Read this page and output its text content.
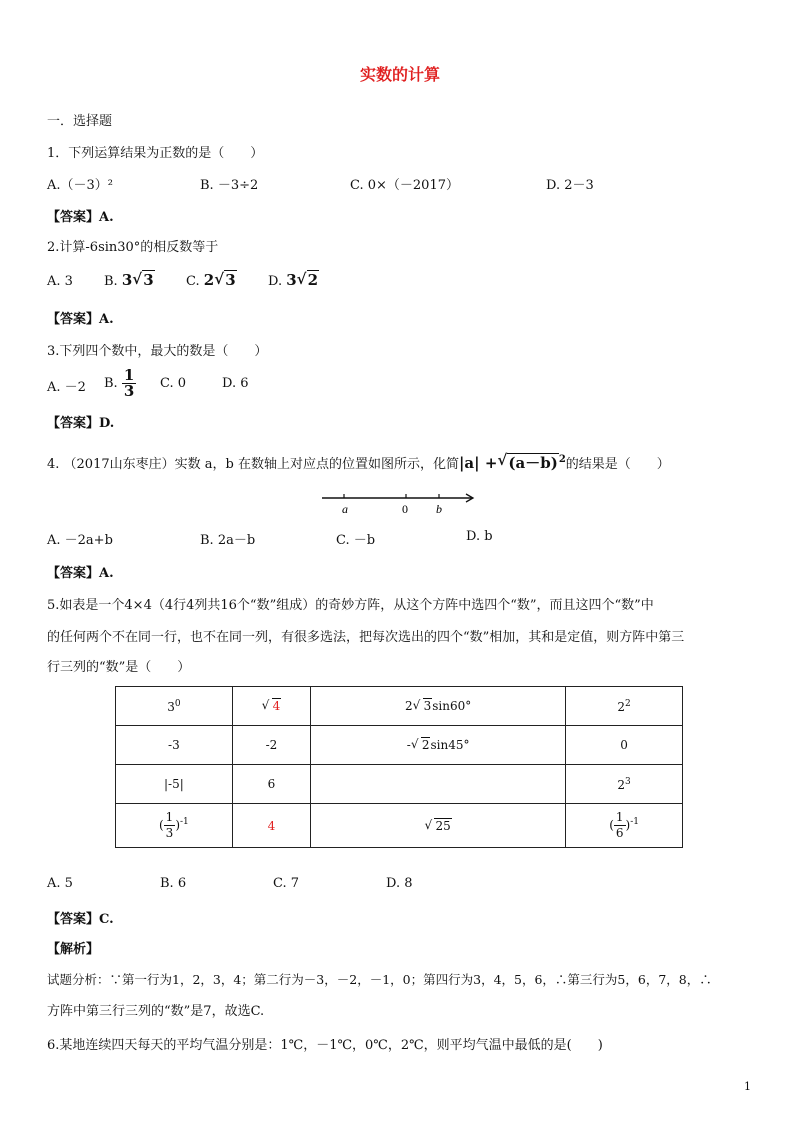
实数的计算
一．选择题
1．下列运算结果为正数的是（　　）
A.（－3）²	B. －3÷2	C. 0×（－2017）	D. 2－3
【答案】A.
2.计算-6sin30°的相反数等于
A. 3 B. 3 √ 3 C. 2 √ 3 D. 3 √ 2
【答案】A.
3.下列四个数中，最大的数是（　　）
A. －2 B. $\frac{1}{3} C$. 0	D. 6
【答案】D.
4. （2017山东枣庄）实数 a，b 在数轴上对应点的位置如图所示，化简|a| + √ $(a-b)^2$的结果是（　　）
a	0 b
A. －2a+b	B. 2a－b	C. －b	D. b
【答案】A.
5.如表是一个4×4（4行4列共16个“数”组成）的奇妙方阵，从这个方阵中选四个“数”，而且这四个“数”中
的任何两个不在同一行，也不在同一列，有很多选法，把每次选出的四个“数”相加，其和是定值，则方阵中第三
行三列的“数”是（　　）
$3^0$	√ 4	2 √ 3sin60°	$2^2$
-3	-2	- √ 2sin45°	0
|-5|	6		$2^3$
( $\frac{1}{3} )^{-1}$	4	√ 25	( $\frac{1}{6} )^{-1}$
A. 5	B. 6	C. 7	D. 8
【答案】C.
【解析】
试题分析：∵第一行为1，2，3，4；第二行为－3，－2，－1，0；第四行为3，4，5，6，∴第三行为5，6，7，8，∴
方阵中第三行三列的“数”是7，故选C.
6.某地连续四天每天的平均气温分别是：1℃，－1℃，0℃，2℃，则平均气温中最低的是(　　)
1
